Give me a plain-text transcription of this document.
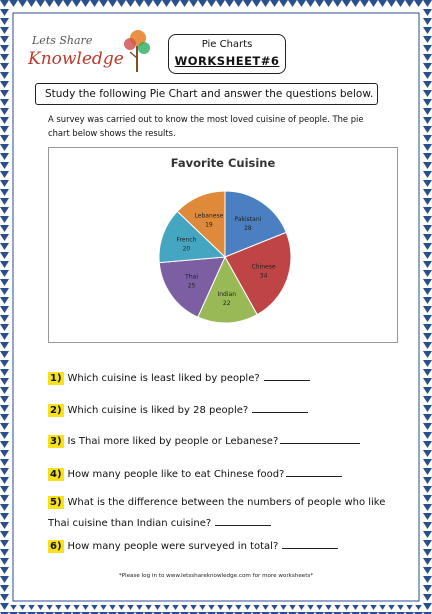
Lets Share
Knowledge
Pie Charts
WORKSHEET#6
Study the following Pie Chart and answer the questions below.
A survey was carried out to know the most loved cuisine of people. The pie chart below shows the results.
Favorite Cuisine
Pakistani
28
Chinese
34
Indian
22
Thai
25
French
20
Lebanese
19
1) Which cuisine is least liked by people?
2) Which cuisine is liked by 28 people?
3) Is Thai more liked by people or Lebanese?
4) How many people like to eat Chinese food?
5) What is the difference between the numbers of people who like
Thai cuisine than Indian cuisine?
6) How many people were surveyed in total?
*Please log in to www.letsshareknowledge.com for more worksheets*
